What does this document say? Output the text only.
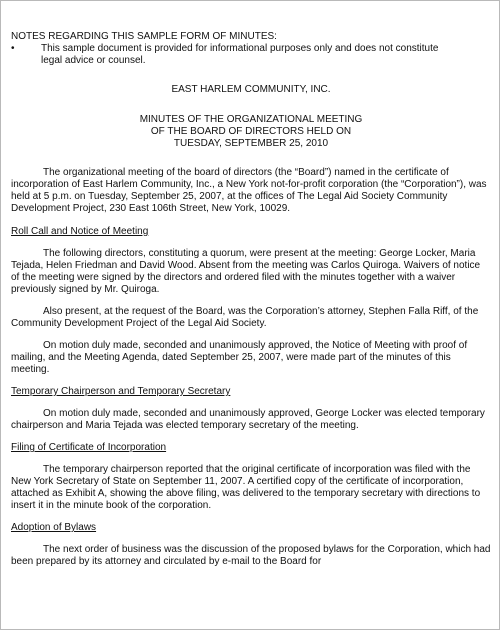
NOTES REGARDING THIS SAMPLE FORM OF MINUTES:

•	This sample document is provided for informational purposes only and does not constitute legal advice or counsel.

EAST HARLEM COMMUNITY, INC.

MINUTES OF THE ORGANIZATIONAL MEETING

OF THE BOARD OF DIRECTORS HELD ON

TUESDAY, SEPTEMBER 25, 2010

The organizational meeting of the board of directors (the “Board”) named in the certificate of incorporation of East Harlem Community, Inc., a New York not-for-profit corporation (the “Corporation”), was held at 5 p.m. on Tuesday, September 25, 2007, at the offices of The Legal Aid Society Community Development Project, 230 East 106th Street, New York, 10029.

Roll Call and Notice of Meeting

The following directors, constituting a quorum, were present at the meeting: George Locker, Maria Tejada, Helen Friedman and David Wood. Absent from the meeting was Carlos Quiroga. Waivers of notice of the meeting were signed by the directors and ordered filed with the minutes together with a waiver previously signed by Mr. Quiroga.

Also present, at the request of the Board, was the Corporation’s attorney, Stephen Falla Riff, of the Community Development Project of the Legal Aid Society.

On motion duly made, seconded and unanimously approved, the Notice of Meeting with proof of mailing, and the Meeting Agenda, dated September 25, 2007, were made part of the minutes of this meeting.

Temporary Chairperson and Temporary Secretary

On motion duly made, seconded and unanimously approved, George Locker was elected temporary chairperson and Maria Tejada was elected temporary secretary of the meeting.

Filing of Certificate of Incorporation

The temporary chairperson reported that the original certificate of incorporation was filed with the New York Secretary of State on September 11, 2007. A certified copy of the certificate of incorporation, attached as Exhibit A, showing the above filing, was delivered to the temporary secretary with directions to insert it in the minute book of the corporation.

Adoption of Bylaws

The next order of business was the discussion of the proposed bylaws for the Corporation, which had been prepared by its attorney and circulated by e-mail to the Board for
